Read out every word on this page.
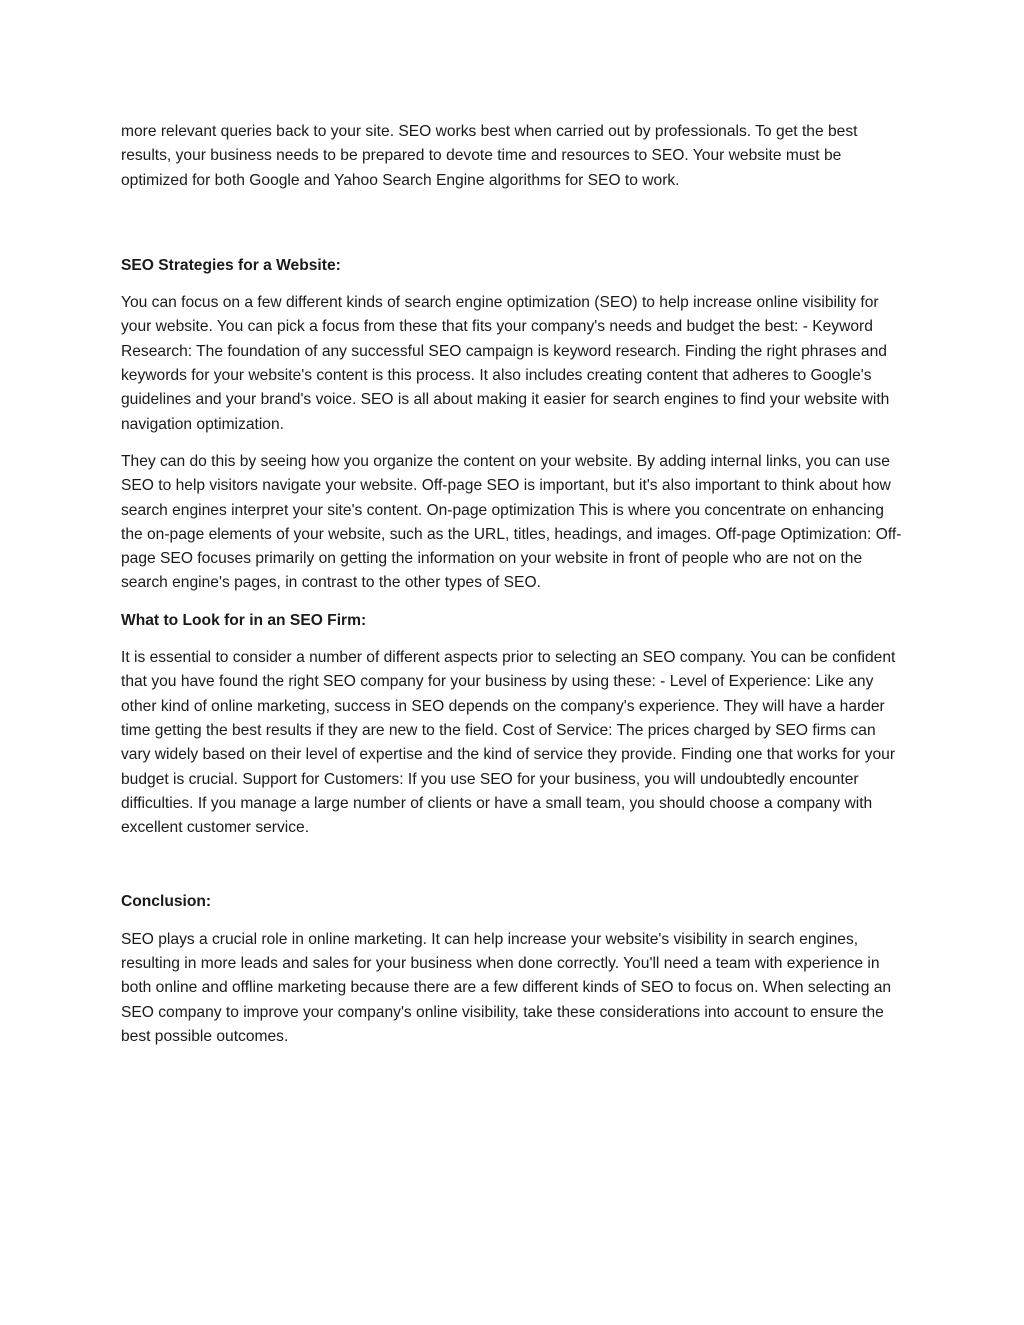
more relevant queries back to your site. SEO works best when carried out by professionals. To get the best results, your business needs to be prepared to devote time and resources to SEO. Your website must be optimized for both Google and Yahoo Search Engine algorithms for SEO to work.

SEO Strategies for a Website:

You can focus on a few different kinds of search engine optimization (SEO) to help increase online visibility for your website. You can pick a focus from these that fits your company's needs and budget the best: - Keyword Research: The foundation of any successful SEO campaign is keyword research. Finding the right phrases and keywords for your website's content is this process. It also includes creating content that adheres to Google's guidelines and your brand's voice. SEO is all about making it easier for search engines to find your website with navigation optimization.

They can do this by seeing how you organize the content on your website. By adding internal links, you can use SEO to help visitors navigate your website. Off-page SEO is important, but it's also important to think about how search engines interpret your site's content. On-page optimization This is where you concentrate on enhancing the on-page elements of your website, such as the URL, titles, headings, and images. Off-page Optimization: Off-page SEO focuses primarily on getting the information on your website in front of people who are not on the search engine's pages, in contrast to the other types of SEO.

What to Look for in an SEO Firm:

It is essential to consider a number of different aspects prior to selecting an SEO company. You can be confident that you have found the right SEO company for your business by using these: - Level of Experience: Like any other kind of online marketing, success in SEO depends on the company's experience. They will have a harder time getting the best results if they are new to the field. Cost of Service: The prices charged by SEO firms can vary widely based on their level of expertise and the kind of service they provide. Finding one that works for your budget is crucial. Support for Customers: If you use SEO for your business, you will undoubtedly encounter difficulties. If you manage a large number of clients or have a small team, you should choose a company with excellent customer service.

Conclusion:

SEO plays a crucial role in online marketing. It can help increase your website's visibility in search engines, resulting in more leads and sales for your business when done correctly. You'll need a team with experience in both online and offline marketing because there are a few different kinds of SEO to focus on. When selecting an SEO company to improve your company's online visibility, take these considerations into account to ensure the best possible outcomes.
